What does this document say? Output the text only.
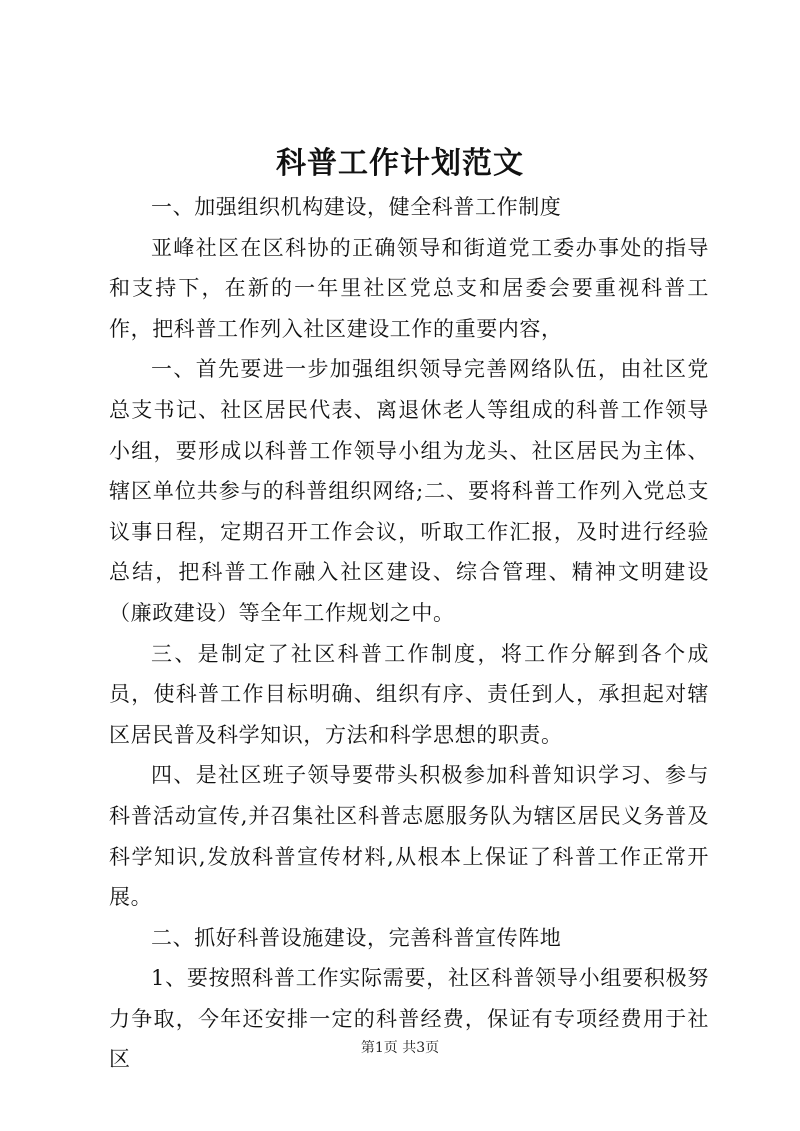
科普工作计划范文

一、加强组织机构建设，健全科普工作制度

亚峰社区在区科协的正确领导和街道党工委办事处的指导和支持下，在新的一年里社区党总支和居委会要重视科普工作，把科普工作列入社区建设工作的重要内容，

一、首先要进一步加强组织领导完善网络队伍，由社区党总支书记、社区居民代表、离退休老人等组成的科普工作领导小组，要形成以科普工作领导小组为龙头、社区居民为主体、辖区单位共参与的科普组织网络;二、要将科普工作列入党总支议事日程，定期召开工作会议，听取工作汇报，及时进行经验总结，把科普工作融入社区建设、综合管理、精神文明建设（廉政建设）等全年工作规划之中。

三、是制定了社区科普工作制度，将工作分解到各个成员，使科普工作目标明确、组织有序、责任到人，承担起对辖区居民普及科学知识，方法和科学思想的职责。

四、是社区班子领导要带头积极参加科普知识学习、参与科普活动宣传,并召集社区科普志愿服务队为辖区居民义务普及科学知识,发放科普宣传材料,从根本上保证了科普工作正常开展。

二、抓好科普设施建设，完善科普宣传阵地

1、要按照科普工作实际需要，社区科普领导小组要积极努力争取，今年还安排一定的科普经费，保证有专项经费用于社区	第1页 共3页
